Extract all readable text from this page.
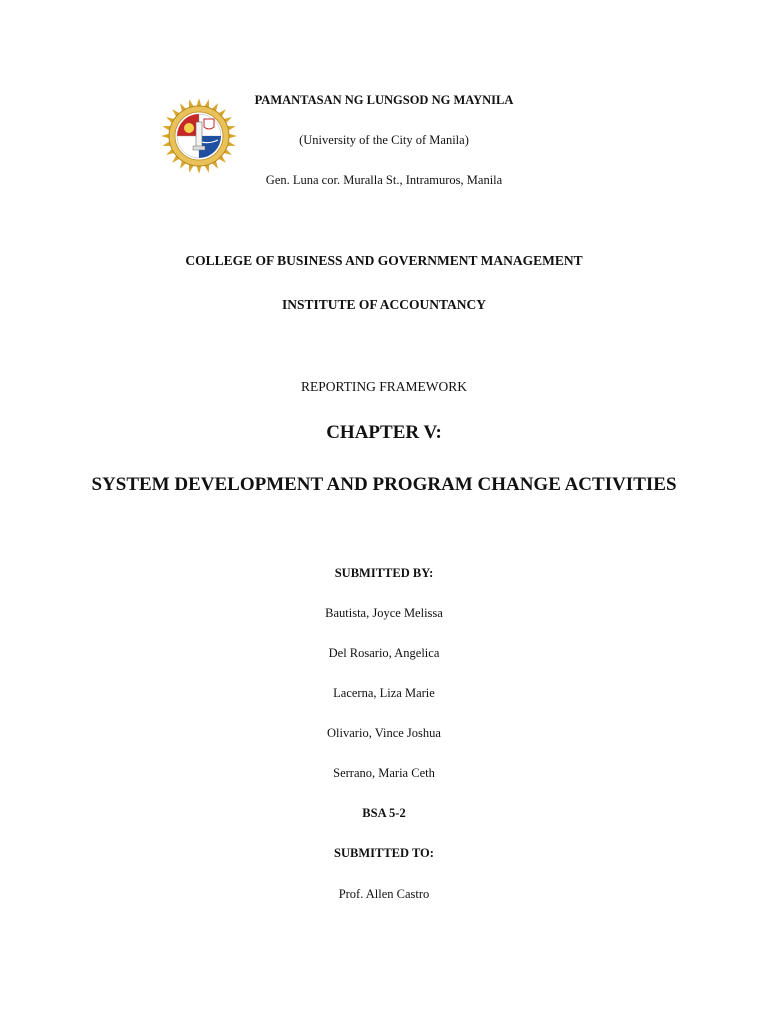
PAMANTASAN NG LUNGSOD NG MAYNILA
(University of the City of Manila)
Gen. Luna cor. Muralla St., Intramuros, Manila
COLLEGE OF BUSINESS AND GOVERNMENT MANAGEMENT
INSTITUTE OF ACCOUNTANCY
REPORTING FRAMEWORK
CHAPTER V:
SYSTEM DEVELOPMENT AND PROGRAM CHANGE ACTIVITIES
SUBMITTED BY:
Bautista, Joyce Melissa
Del Rosario, Angelica
Lacerna, Liza Marie
Olivario, Vince Joshua
Serrano, Maria Ceth
BSA 5-2
SUBMITTED TO:
Prof. Allen Castro
